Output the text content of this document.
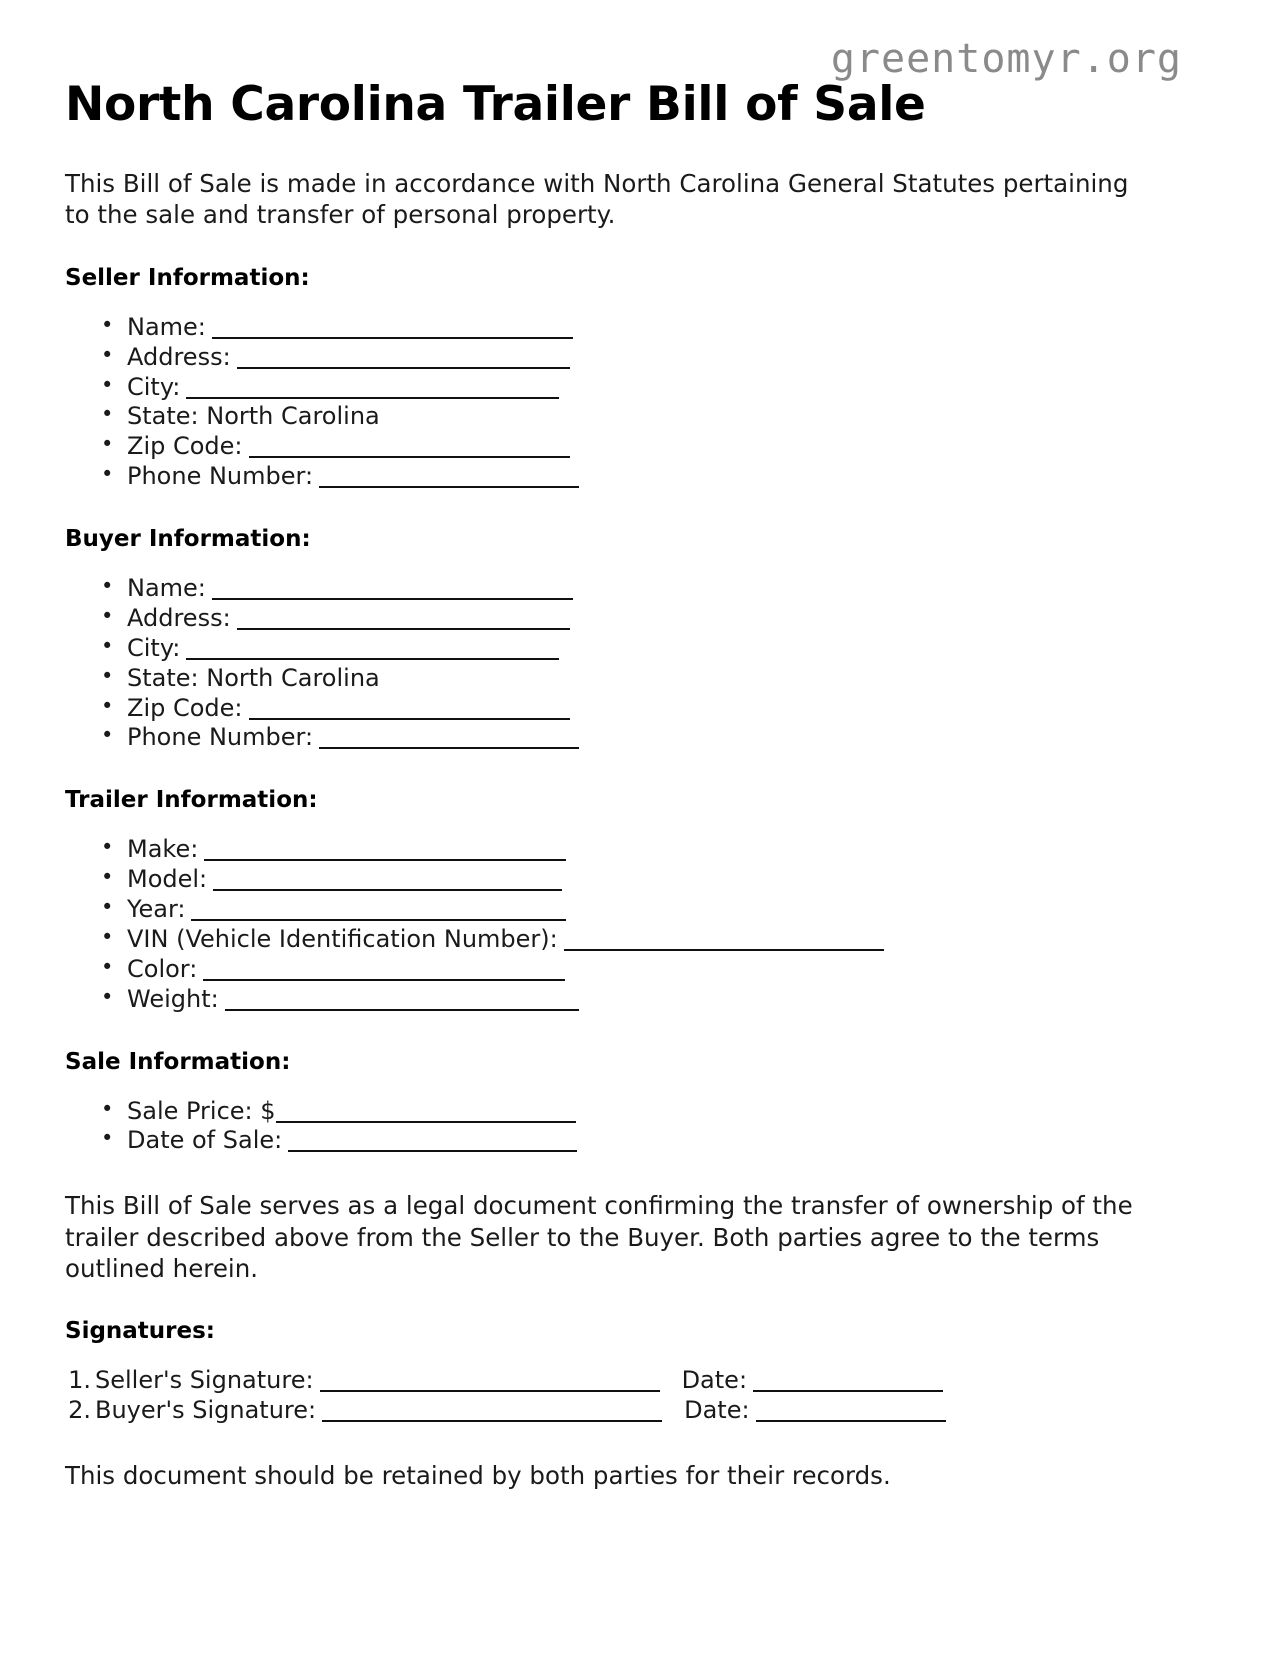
greentomyr.org
North Carolina Trailer Bill of Sale

This Bill of Sale is made in accordance with North Carolina General Statutes pertaining to the sale and transfer of personal property.

Seller Information:
• Name:
• Address:
• City:
• State: North Carolina
• Zip Code:
• Phone Number:
Buyer Information:
• Name:
• Address:
• City:
• State: North Carolina
• Zip Code:
• Phone Number:
Trailer Information:
• Make:
• Model:
• Year:
• VIN (Vehicle Identification Number):
• Color:
• Weight:
Sale Information:
• Sale Price: $
• Date of Sale:

This Bill of Sale serves as a legal document confirming the transfer of ownership of the trailer described above from the Seller to the Buyer. Both parties agree to the terms outlined herein.

Signatures:
Seller's Signature:	Date:
Buyer's Signature:	Date:

This document should be retained by both parties for their records.
